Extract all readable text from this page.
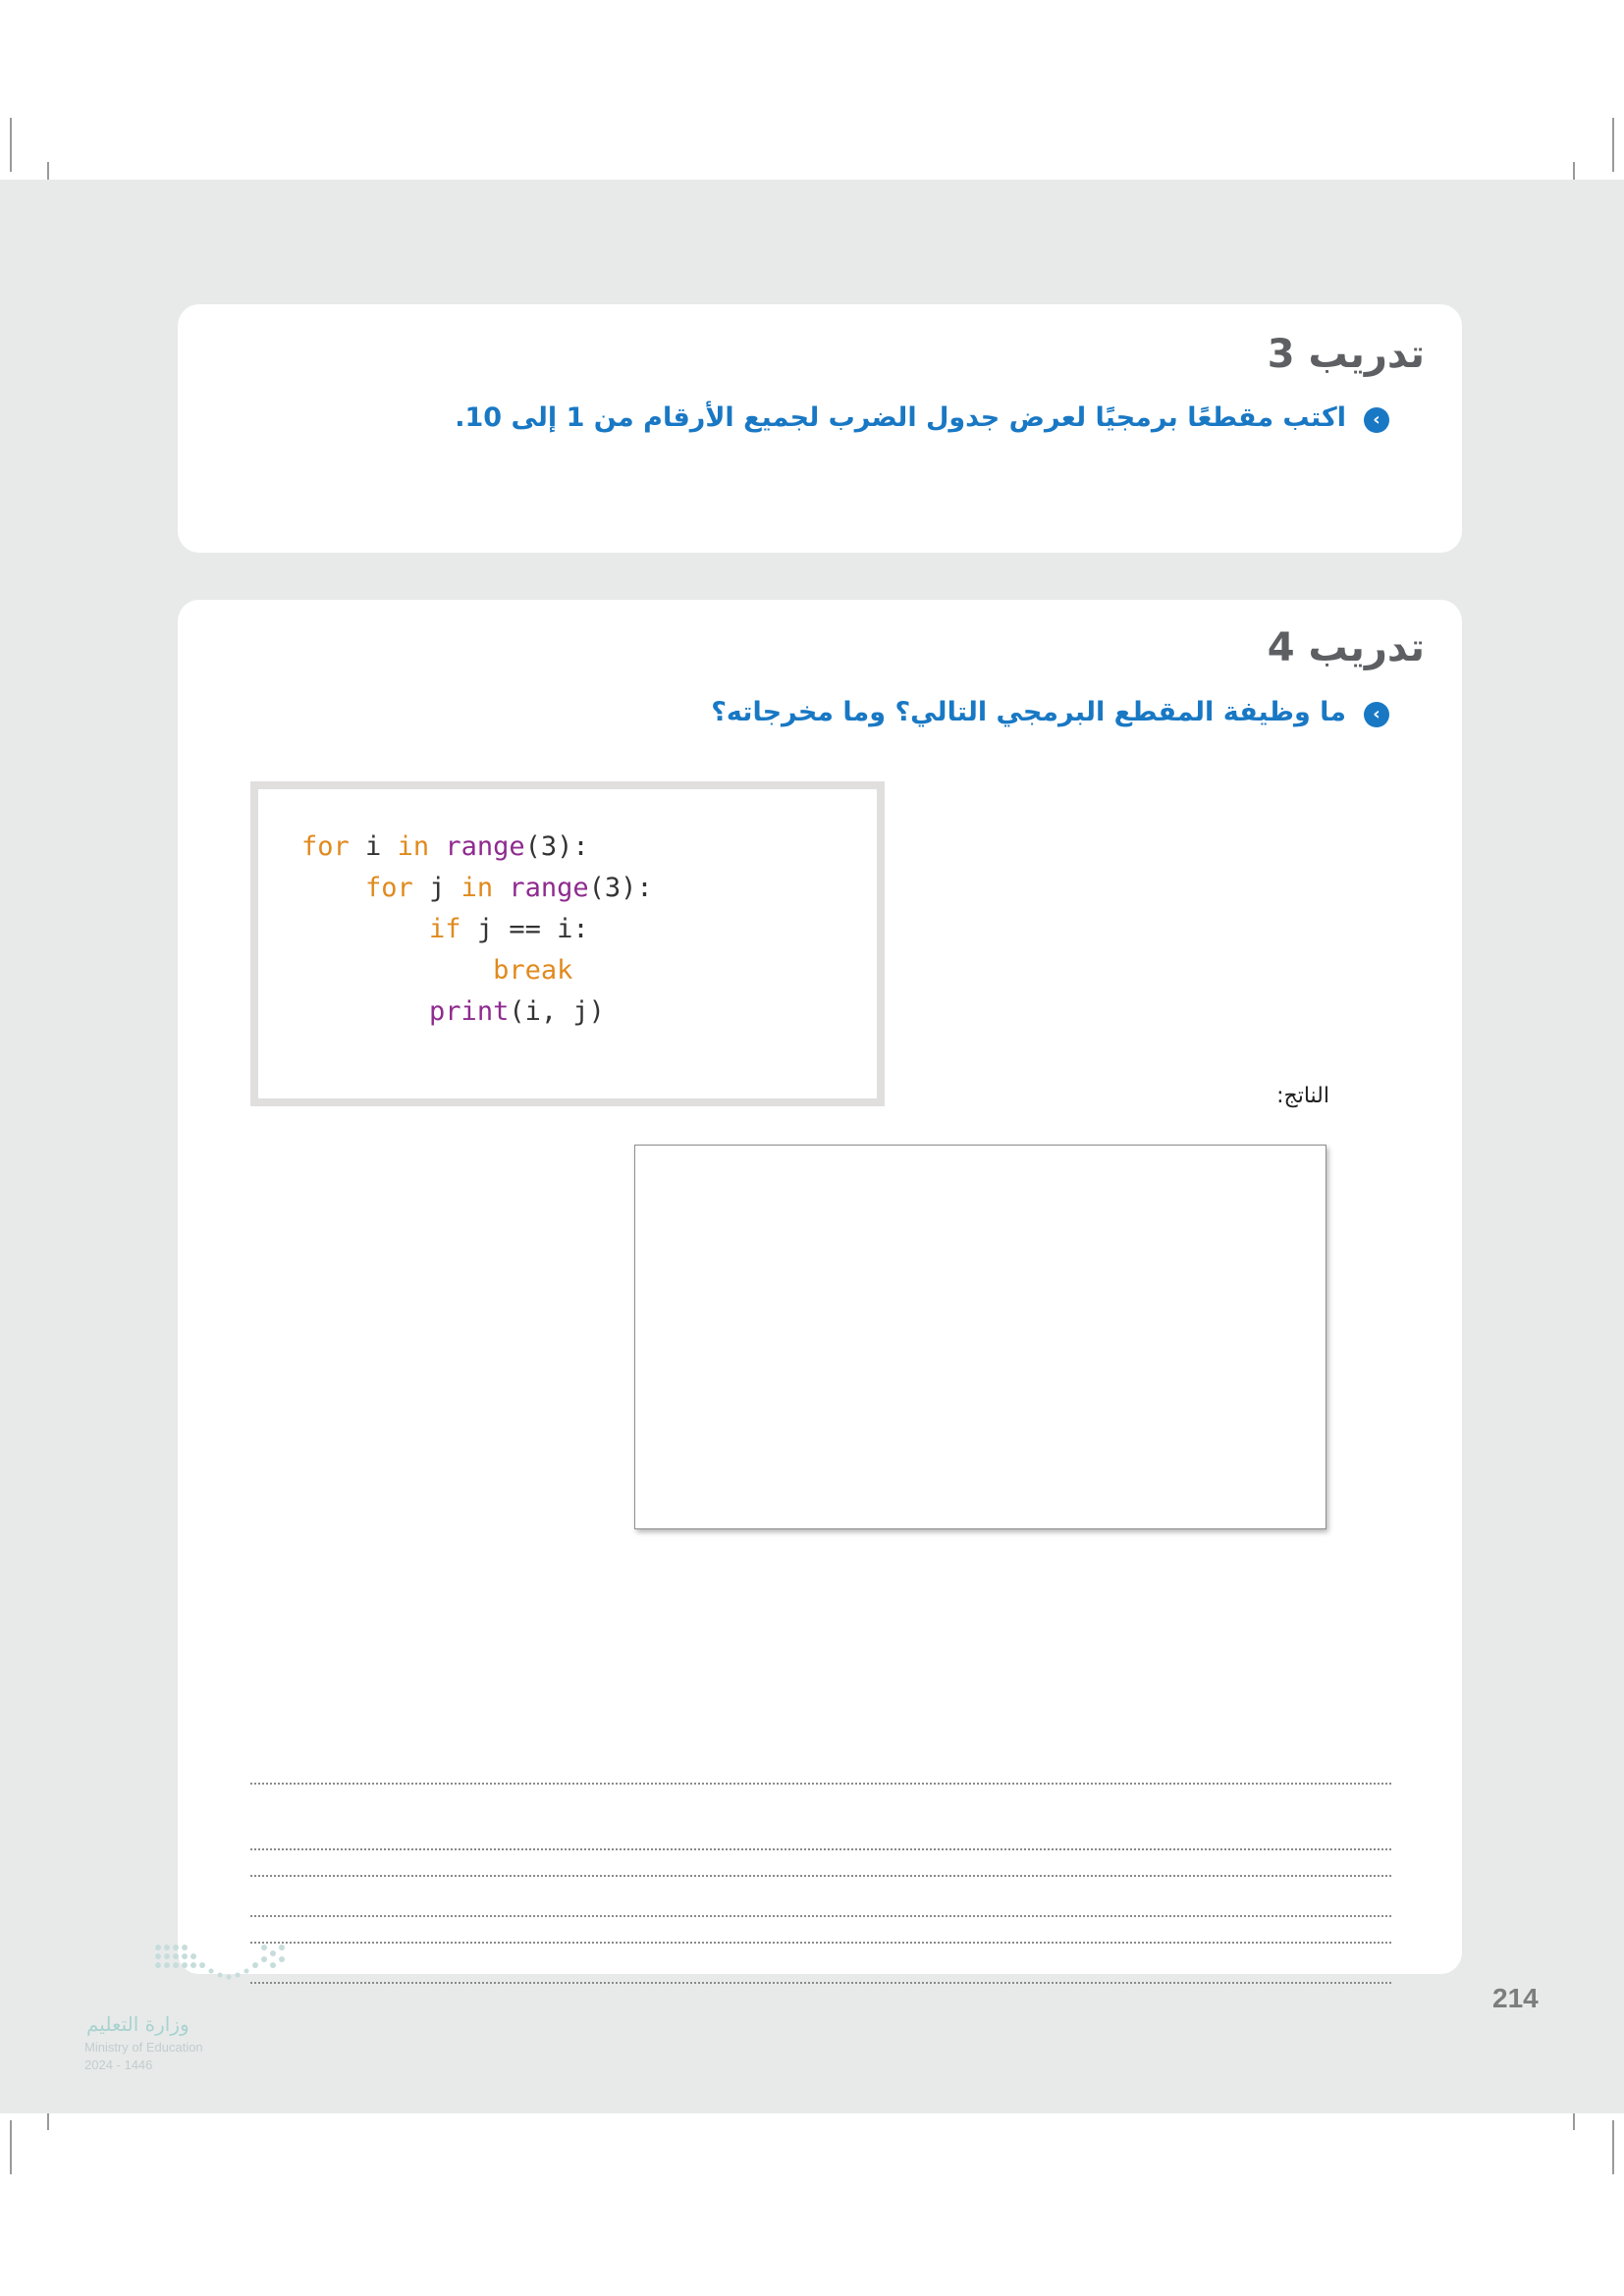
تدريب 3
‹
اكتب مقطعًا برمجيًا لعرض جدول الضرب لجميع الأرقام من 1 إلى 10.
تدريب 4
‹
ما وظيفة المقطع البرمجي التالي؟ وما مخرجاته؟
for i in range(3):
for j in range(3):
if j == i:
break
print(i, j)
الناتج:
214
وزارة التعليم
Ministry of Education
2024 - 1446
